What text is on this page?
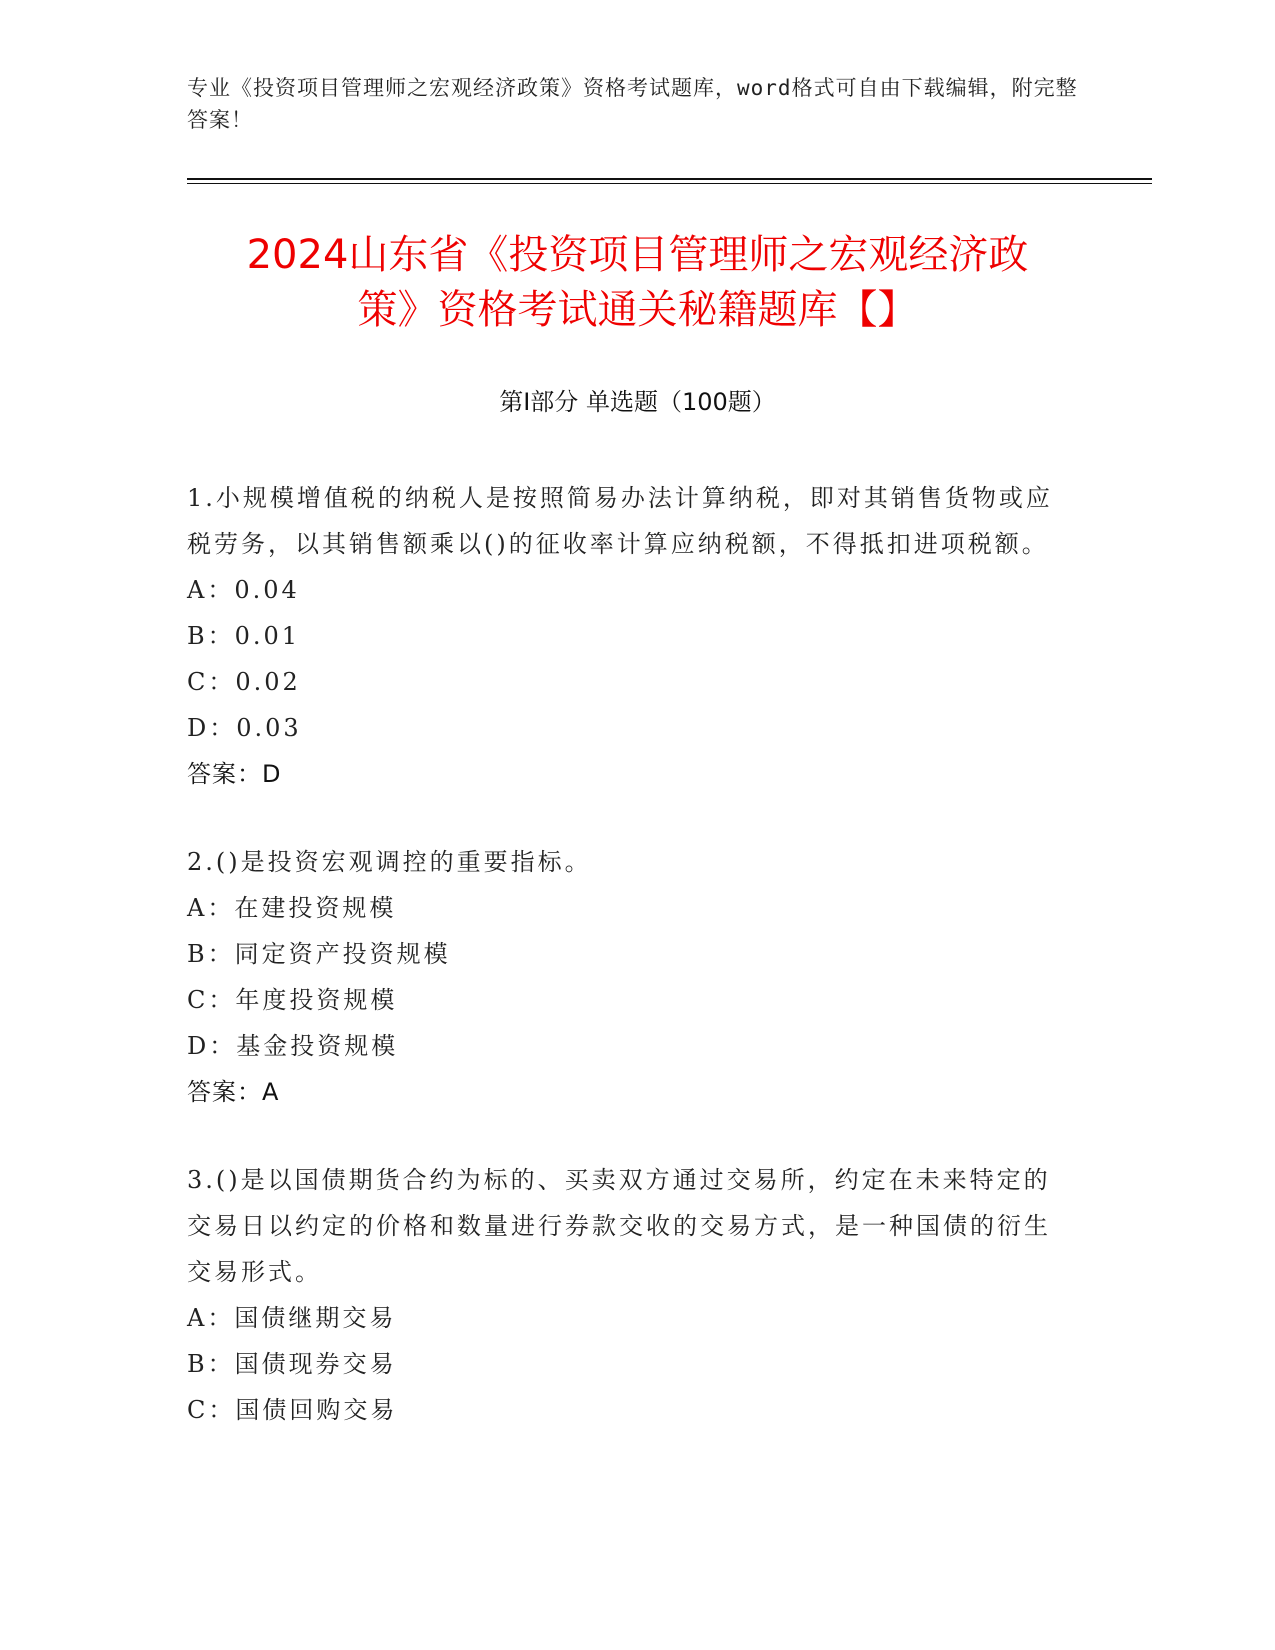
专业《投资项目管理师之宏观经济政策》资格考试题库，word格式可自由下载编辑，附完整答案！
2024山东省《投资项目管理师之宏观经济政
策》资格考试通关秘籍题库【】
第Ⅰ部分 单选题（100题）

1.小规模增值税的纳税人是按照简易办法计算纳税，即对其销售货物或应税劳务，以其销售额乘以()的征收率计算应纳税额，不得抵扣进项税额。

A： 0.04
B： 0.01
C： 0.02
D： 0.03
答案：D

2.()是投资宏观调控的重要指标。

A： 在建投资规模
B： 同定资产投资规模
C： 年度投资规模
D： 基金投资规模
答案：A

3.()是以国债期货合约为标的、买卖双方通过交易所，约定在未来特定的交易日以约定的价格和数量进行券款交收的交易方式，是一种国债的衍生交易形式。

A： 国债继期交易
B： 国债现券交易
C： 国债回购交易
